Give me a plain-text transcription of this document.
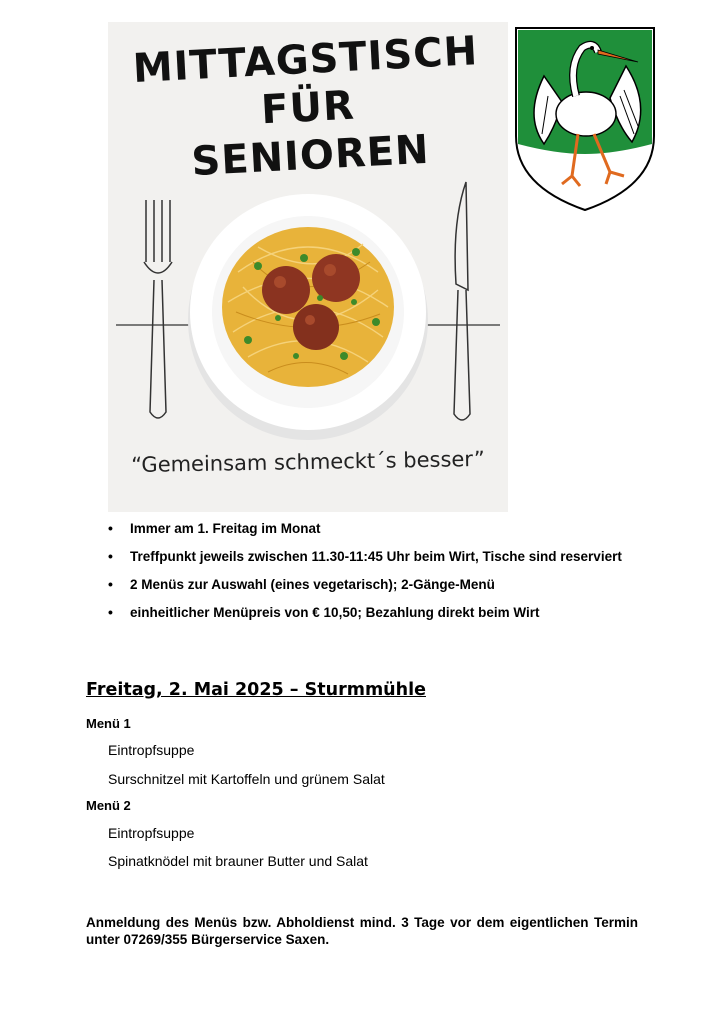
MITTAGSTISCH
FÜR
SENIOREN
“Gemeinsam schmeckt´s besser”
• Immer am 1. Freitag im Monat
• Treffpunkt jeweils zwischen 11.30-11:45 Uhr beim Wirt, Tische sind reserviert
• 2 Menüs zur Auswahl (eines vegetarisch); 2-Gänge-Menü
• einheitlicher Menüpreis von € 10,50; Bezahlung direkt beim Wirt
Freitag, 2. Mai 2025 – Sturmmühle
Menü 1
Eintropfsuppe
Surschnitzel mit Kartoffeln und grünem Salat
Menü 2
Eintropfsuppe
Spinatknödel mit brauner Butter und Salat
Anmeldung des Menüs bzw. Abholdienst mind. 3 Tage vor dem eigentlichen Termin unter 07269/355 Bürgerservice Saxen.
